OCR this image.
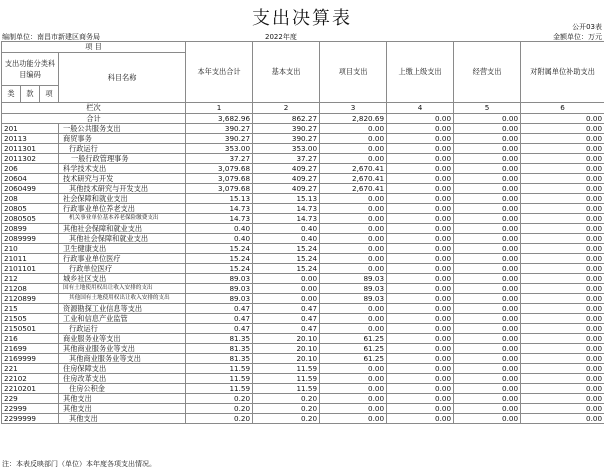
支出决算表	公开03表
编制单位：南昌市新建区商务局	2022年度	金额单位：万元
项 目				本年支出合计	基本支出	项目支出	上缴上级支出	经营支出	对附属单位补助支出
支出功能分类科目编码			科目名称						
类	款	项							
栏次				1	2	3	4	5	6
合计				3,682.96	862.27	2,820.69	0.00	0.00	0.00
201			一般公共服务支出	390.27	390.27	0.00	0.00	0.00	0.00
20113			商贸事务	390.27	390.27	0.00	0.00	0.00	0.00
2011301			行政运行	353.00	353.00	0.00	0.00	0.00	0.00
2011302			一般行政管理事务	37.27	37.27	0.00	0.00	0.00	0.00
206			科学技术支出	3,079.68	409.27	2,670.41	0.00	0.00	0.00
20604			技术研究与开发	3,079.68	409.27	2,670.41	0.00	0.00	0.00
2060499			其他技术研究与开发支出	3,079.68	409.27	2,670.41	0.00	0.00	0.00
208			社会保障和就业支出	15.13	15.13	0.00	0.00	0.00	0.00
20805			行政事业单位养老支出	14.73	14.73	0.00	0.00	0.00	0.00
2080505			机关事业单位基本养老保险缴费支出	14.73	14.73	0.00	0.00	0.00	0.00
20899			其他社会保障和就业支出	0.40	0.40	0.00	0.00	0.00	0.00
2089999			其他社会保障和就业支出	0.40	0.40	0.00	0.00	0.00	0.00
210			卫生健康支出	15.24	15.24	0.00	0.00	0.00	0.00
21011			行政事业单位医疗	15.24	15.24	0.00	0.00	0.00	0.00
2101101			行政单位医疗	15.24	15.24	0.00	0.00	0.00	0.00
212			城乡社区支出	89.03	0.00	89.03	0.00	0.00	0.00
21208			国有土地使用权出让收入安排的支出	89.03	0.00	89.03	0.00	0.00	0.00
2120899			其他国有土地使用权出让收入安排的支出	89.03	0.00	89.03	0.00	0.00	0.00
215			资源勘探工业信息等支出	0.47	0.47	0.00	0.00	0.00	0.00
21505			工业和信息产业监管	0.47	0.47	0.00	0.00	0.00	0.00
2150501			行政运行	0.47	0.47	0.00	0.00	0.00	0.00
216			商业服务业等支出	81.35	20.10	61.25	0.00	0.00	0.00
21699			其他商业服务业等支出	81.35	20.10	61.25	0.00	0.00	0.00
2169999			其他商业服务业等支出	81.35	20.10	61.25	0.00	0.00	0.00
221			住房保障支出	11.59	11.59	0.00	0.00	0.00	0.00
22102			住房改革支出	11.59	11.59	0.00	0.00	0.00	0.00
2210201			住房公积金	11.59	11.59	0.00	0.00	0.00	0.00
229			其他支出	0.20	0.20	0.00	0.00	0.00	0.00
22999			其他支出	0.20	0.20	0.00	0.00	0.00	0.00
2299999			其他支出	0.20	0.20	0.00	0.00	0.00	0.00
注：本表反映部门（单位）本年度各项支出情况。
